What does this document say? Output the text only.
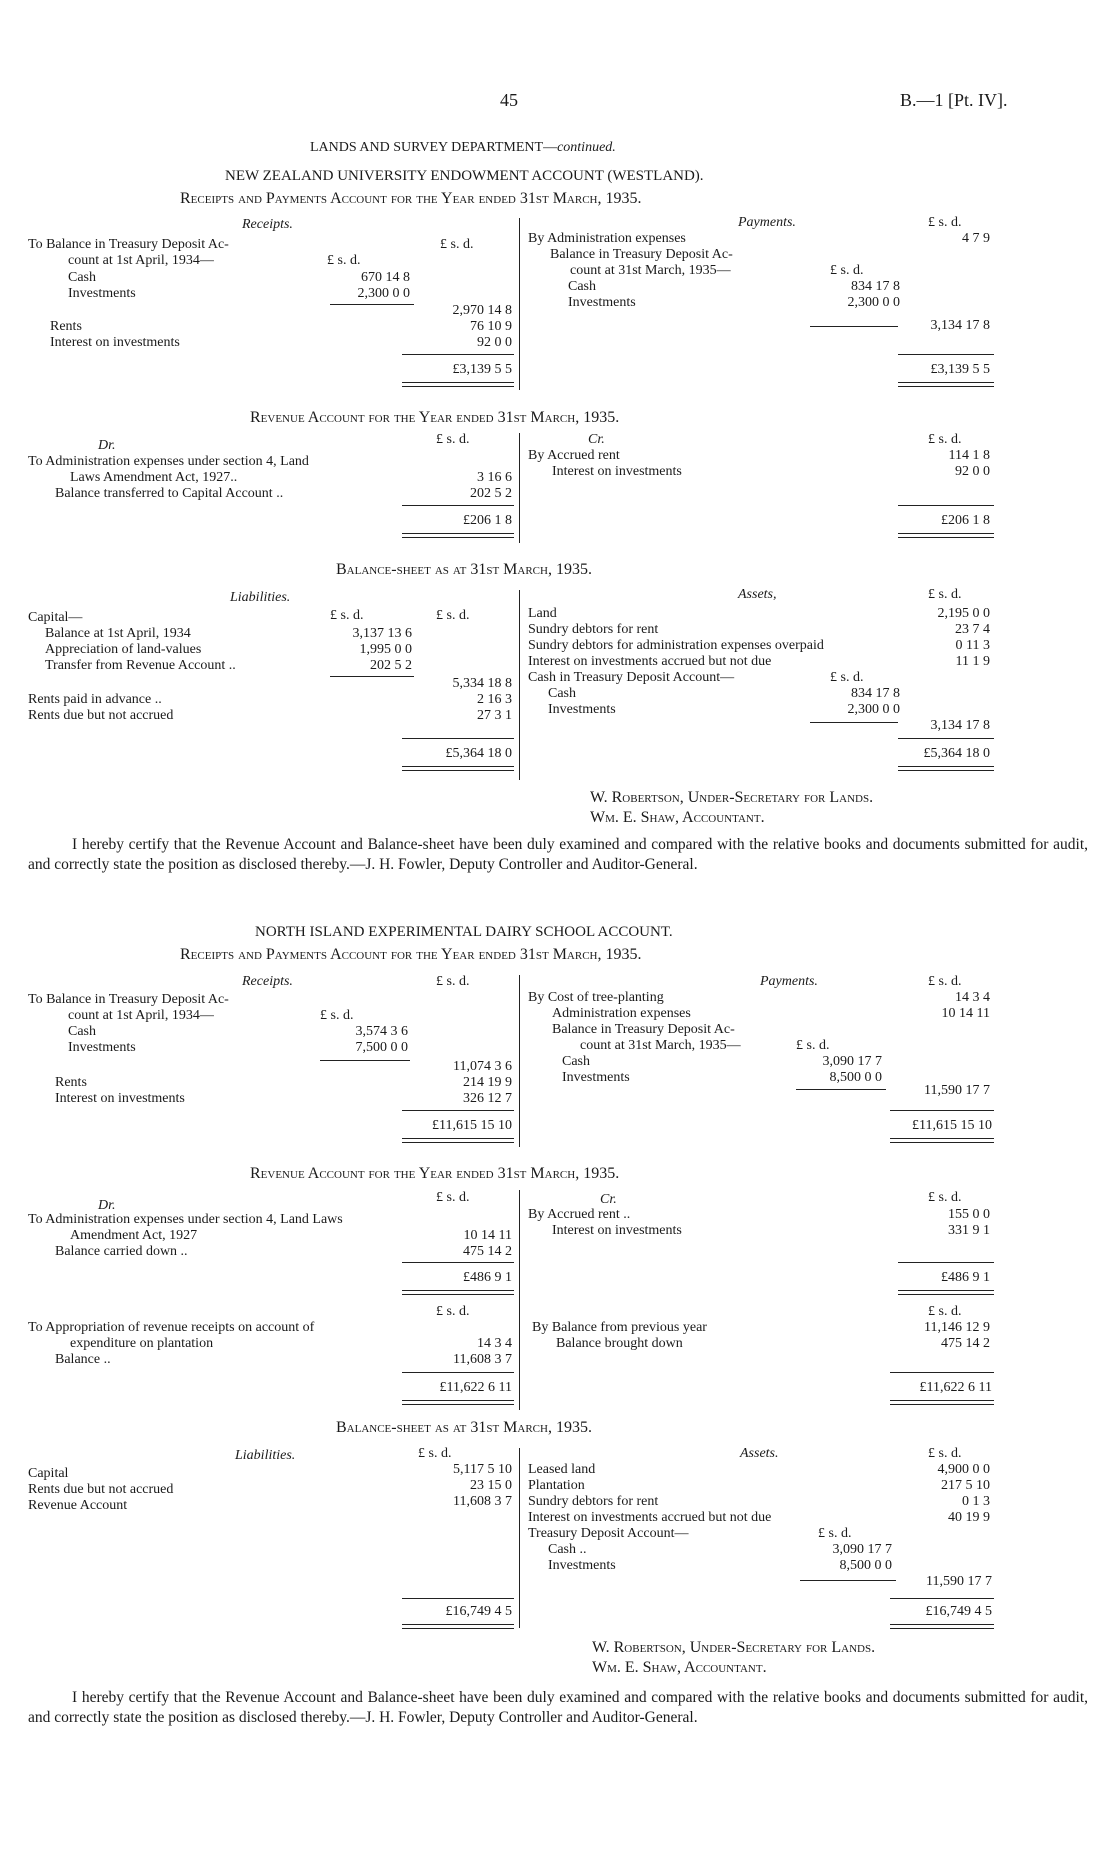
45	B.—1 [Pt. IV].
LANDS AND SURVEY DEPARTMENT—continued.
NEW ZEALAND UNIVERSITY ENDOWMENT ACCOUNT (WESTLAND).
Receipts and Payments Account for the Year ended 31st March, 1935.
Receipts.	Payments.
£ s. d.
£ s. d.
To Balance in Treasury Deposit Ac-
count at 1st April, 1934—	£ s. d.
Cash	670 14 8
Investments	2,300 0 0
2,970 14 8
Rents	76 10 9
Interest on investments	92 0 0
£3,139 5 5
By Administration expenses	4 7 9
Balance in Treasury Deposit Ac-
count at 31st March, 1935—	£ s. d.
Cash	834 17 8
Investments	2,300 0 0
3,134 17 8
£3,139 5 5
Revenue Account for the Year ended 31st March, 1935.
Dr.	£ s. d.	Cr.	£ s. d.
To Administration expenses under section 4, Land
Laws Amendment Act, 1927..	3 16 6
Balance transferred to Capital Account ..	202 5 2
£206 1 8
By Accrued rent	114 1 8
Interest on investments	92 0 0
£206 1 8
Balance-sheet as at 31st March, 1935.
Liabilities.	Assets,	£ s. d.
£ s. d.	£ s. d.
Capital—
Balance at 1st April, 1934	3,137 13 6
Appreciation of land-values	1,995 0 0
Transfer from Revenue Account ..	202 5 2
5,334 18 8
Rents paid in advance ..	2 16 3
Rents due but not accrued	27 3 1
£5,364 18 0
Land	2,195 0 0
Sundry debtors for rent	23 7 4
Sundry debtors for administration expenses overpaid	0 11 3
Interest on investments accrued but not due	11 1 9
Cash in Treasury Deposit Account—	£ s. d.
Cash	834 17 8
Investments	2,300 0 0
3,134 17 8
£5,364 18 0
W. Robertson, Under-Secretary for Lands.
Wm. E. Shaw, Accountant.
I hereby certify that the Revenue Account and Balance-sheet have been duly examined and compared with the relative books and documents submitted for audit, and correctly state the position as disclosed thereby.—J. H. Fowler, Deputy Controller and Auditor-General.
NORTH ISLAND EXPERIMENTAL DAIRY SCHOOL ACCOUNT.
Receipts and Payments Account for the Year ended 31st March, 1935.
Receipts.	£ s. d.	Payments.	£ s. d.
To Balance in Treasury Deposit Ac-
count at 1st April, 1934—	£ s. d.
Cash	3,574 3 6
Investments	7,500 0 0
11,074 3 6
Rents	214 19 9
Interest on investments	326 12 7
£11,615 15 10
By Cost of tree-planting	14 3 4
Administration expenses	10 14 11
Balance in Treasury Deposit Ac-
count at 31st March, 1935—	£ s. d.
Cash	3,090 17 7
Investments	8,500 0 0
11,590 17 7
£11,615 15 10
Revenue Account for the Year ended 31st March, 1935.
Dr.
£ s. d.	Cr.	£ s. d.
To Administration expenses under section 4, Land Laws
Amendment Act, 1927	10 14 11
Balance carried down ..	475 14 2
£486 9 1
By Accrued rent ..	155 0 0
Interest on investments	331 9 1
£486 9 1
£ s. d.	£ s. d.
To Appropriation of revenue receipts on account of
expenditure on plantation	14 3 4
Balance ..	11,608 3 7
£11,622 6 11
By Balance from previous year	11,146 12 9
Balance brought down	475 14 2
£11,622 6 11
Balance-sheet as at 31st March, 1935.
Liabilities.	£ s. d.	Assets.	£ s. d.
Capital	5,117 5 10
Rents due but not accrued	23 15 0
Revenue Account	11,608 3 7
£16,749 4 5
Leased land	4,900 0 0
Plantation	217 5 10
Sundry debtors for rent	0 1 3
Interest on investments accrued but not due	40 19 9
Treasury Deposit Account—	£ s. d.
Cash ..	3,090 17 7
Investments	8,500 0 0
11,590 17 7
£16,749 4 5
W. Robertson, Under-Secretary for Lands.
Wm. E. Shaw, Accountant.
I hereby certify that the Revenue Account and Balance-sheet have been duly examined and compared with the relative books and documents submitted for audit, and correctly state the position as disclosed thereby.—J. H. Fowler, Deputy Controller and Auditor-General.
